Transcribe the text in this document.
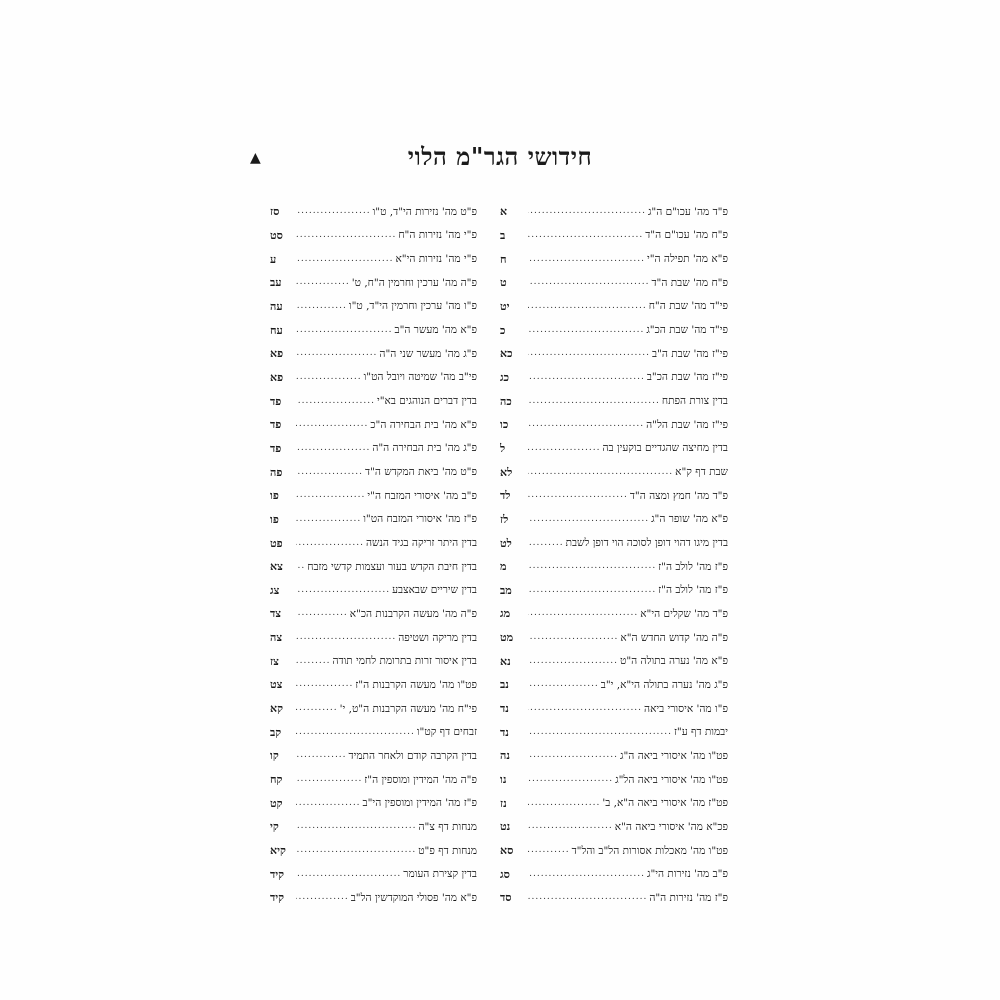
חידושי הגר"מ הלוי
▲
פ"ד מה' עכו"ם ה"ג
.....
א
פ"ח מה' עכו"ם ה"ד
.....
ב
פ"א מה' תפילה ה"י
.....
ח
פ"ח מה' שבת ה"ד
.....
ט
פי"ד מה' שבת ה"ח
.....
יט
פי"ד מה' שבת הכ"ג
.....
כ
פי"ז מה' שבת ה"ב
.....
כא
פי"ז מה' שבת הכ"ב
.....
כג
בדין צורת הפתח
.....
כה
פי"ז מה' שבת הל"ה
.....
כו
בדין מחיצה שהגדיים בוקעין בה
.....
ל
שבת דף ק"א
.....
לא
פ"ד מה' חמץ ומצה ה"ד
.....
לד
פ"א מה' שופר ה"ג
.....
לז
בדין מיגו דהוי דופן לסוכה הוי דופן לשבת
.....
לט
פ"ז מה' לולב ה"ז
.....
מ
פ"ז מה' לולב ה"ז
.....
מב
פ"ד מה' שקלים הי"א
.....
מג
פ"ה מה' קדוש החדש ה"א
.....
מט
פ"א מה' נערה בתולה ה"ט
.....
נא
פ"ג מה' נערה בתולה הי"א, י"ב
.....
נב
פ"ו מה' איסורי ביאה
.....
נד
יבמות דף ע"ז
.....
נד
פט"ו מה' איסורי ביאה ה"ג
.....
נה
פט"ו מה' איסורי ביאה הל"ג
.....
נו
פט"ז מה' איסורי ביאה ה"א, ב'
.....
נז
פכ"א מה' איסורי ביאה ה"א
.....
נט
פט"ו מה' מאכלות אסורות הל"ב והל"ד
.....
סא
פ"ב מה' נזירות הי"ג
.....
סג
פ"ז מה' נזירות ה"ה
.....
סד
פ"ט מה' נזירות הי"ד, ט"ו
.....
סז
פ"י מה' נזירות ה"ח
.....
סט
פ"י מה' נזירות הי"א
.....
ע
פ"ה מה' ערכין וחרמין ה"ח, ט'
.....
עב
פ"ו מה' ערכין וחרמין הי"ד, ט"ו
.....
עה
פ"א מה' מעשר ה"ב
.....
עח
פ"ג מה' מעשר שני ה"ה
.....
פא
פי"ב מה' שמיטה ויובל הט"ו
.....
פא
בדין דברים הנוהגים בא"י
.....
פד
פ"א מה' בית הבחירה ה"כ
.....
פד
פ"ג מה' בית הבחירה ה"ה
.....
פד
פ"ט מה' ביאת המקדש ה"ד
.....
פה
פ"ב מה' איסורי המזבח ה"י
.....
פו
פ"ז מה' איסורי המזבח הט"ו
.....
פו
בדין היתר זריקה בגיד הנשה
.....
פט
בדין חיבת הקדש בעור ועצמות קדשי מזבח
.....
צא
בדין שיריים שבאצבע
.....
צג
פ"ה מה' מעשה הקרבנות הכ"א
.....
צד
בדין מריקה ושטיפה
.....
צה
בדין איסור זרות בתרומת לחמי תודה
.....
צז
פט"ו מה' מעשה הקרבנות ה"ז
.....
צט
פי"ח מה' מעשה הקרבנות ה"ט, י'
.....
קא
זבחים דף קט"ו
.....
קב
בדין הקרבה קודם ולאחר התמיד
.....
קו
פ"ה מה' המידין ומוספין ה"ז
.....
קח
פ"ז מה' המידין ומוספין הי"ב
.....
קט
מנחות דף צ"ה
.....
קי
מנחות דף פ"ט
.....
קיא
בדין קצירת העומר
.....
קיד
פ"א מה' פסולי המוקדשין הל"ב
.....
קיד
